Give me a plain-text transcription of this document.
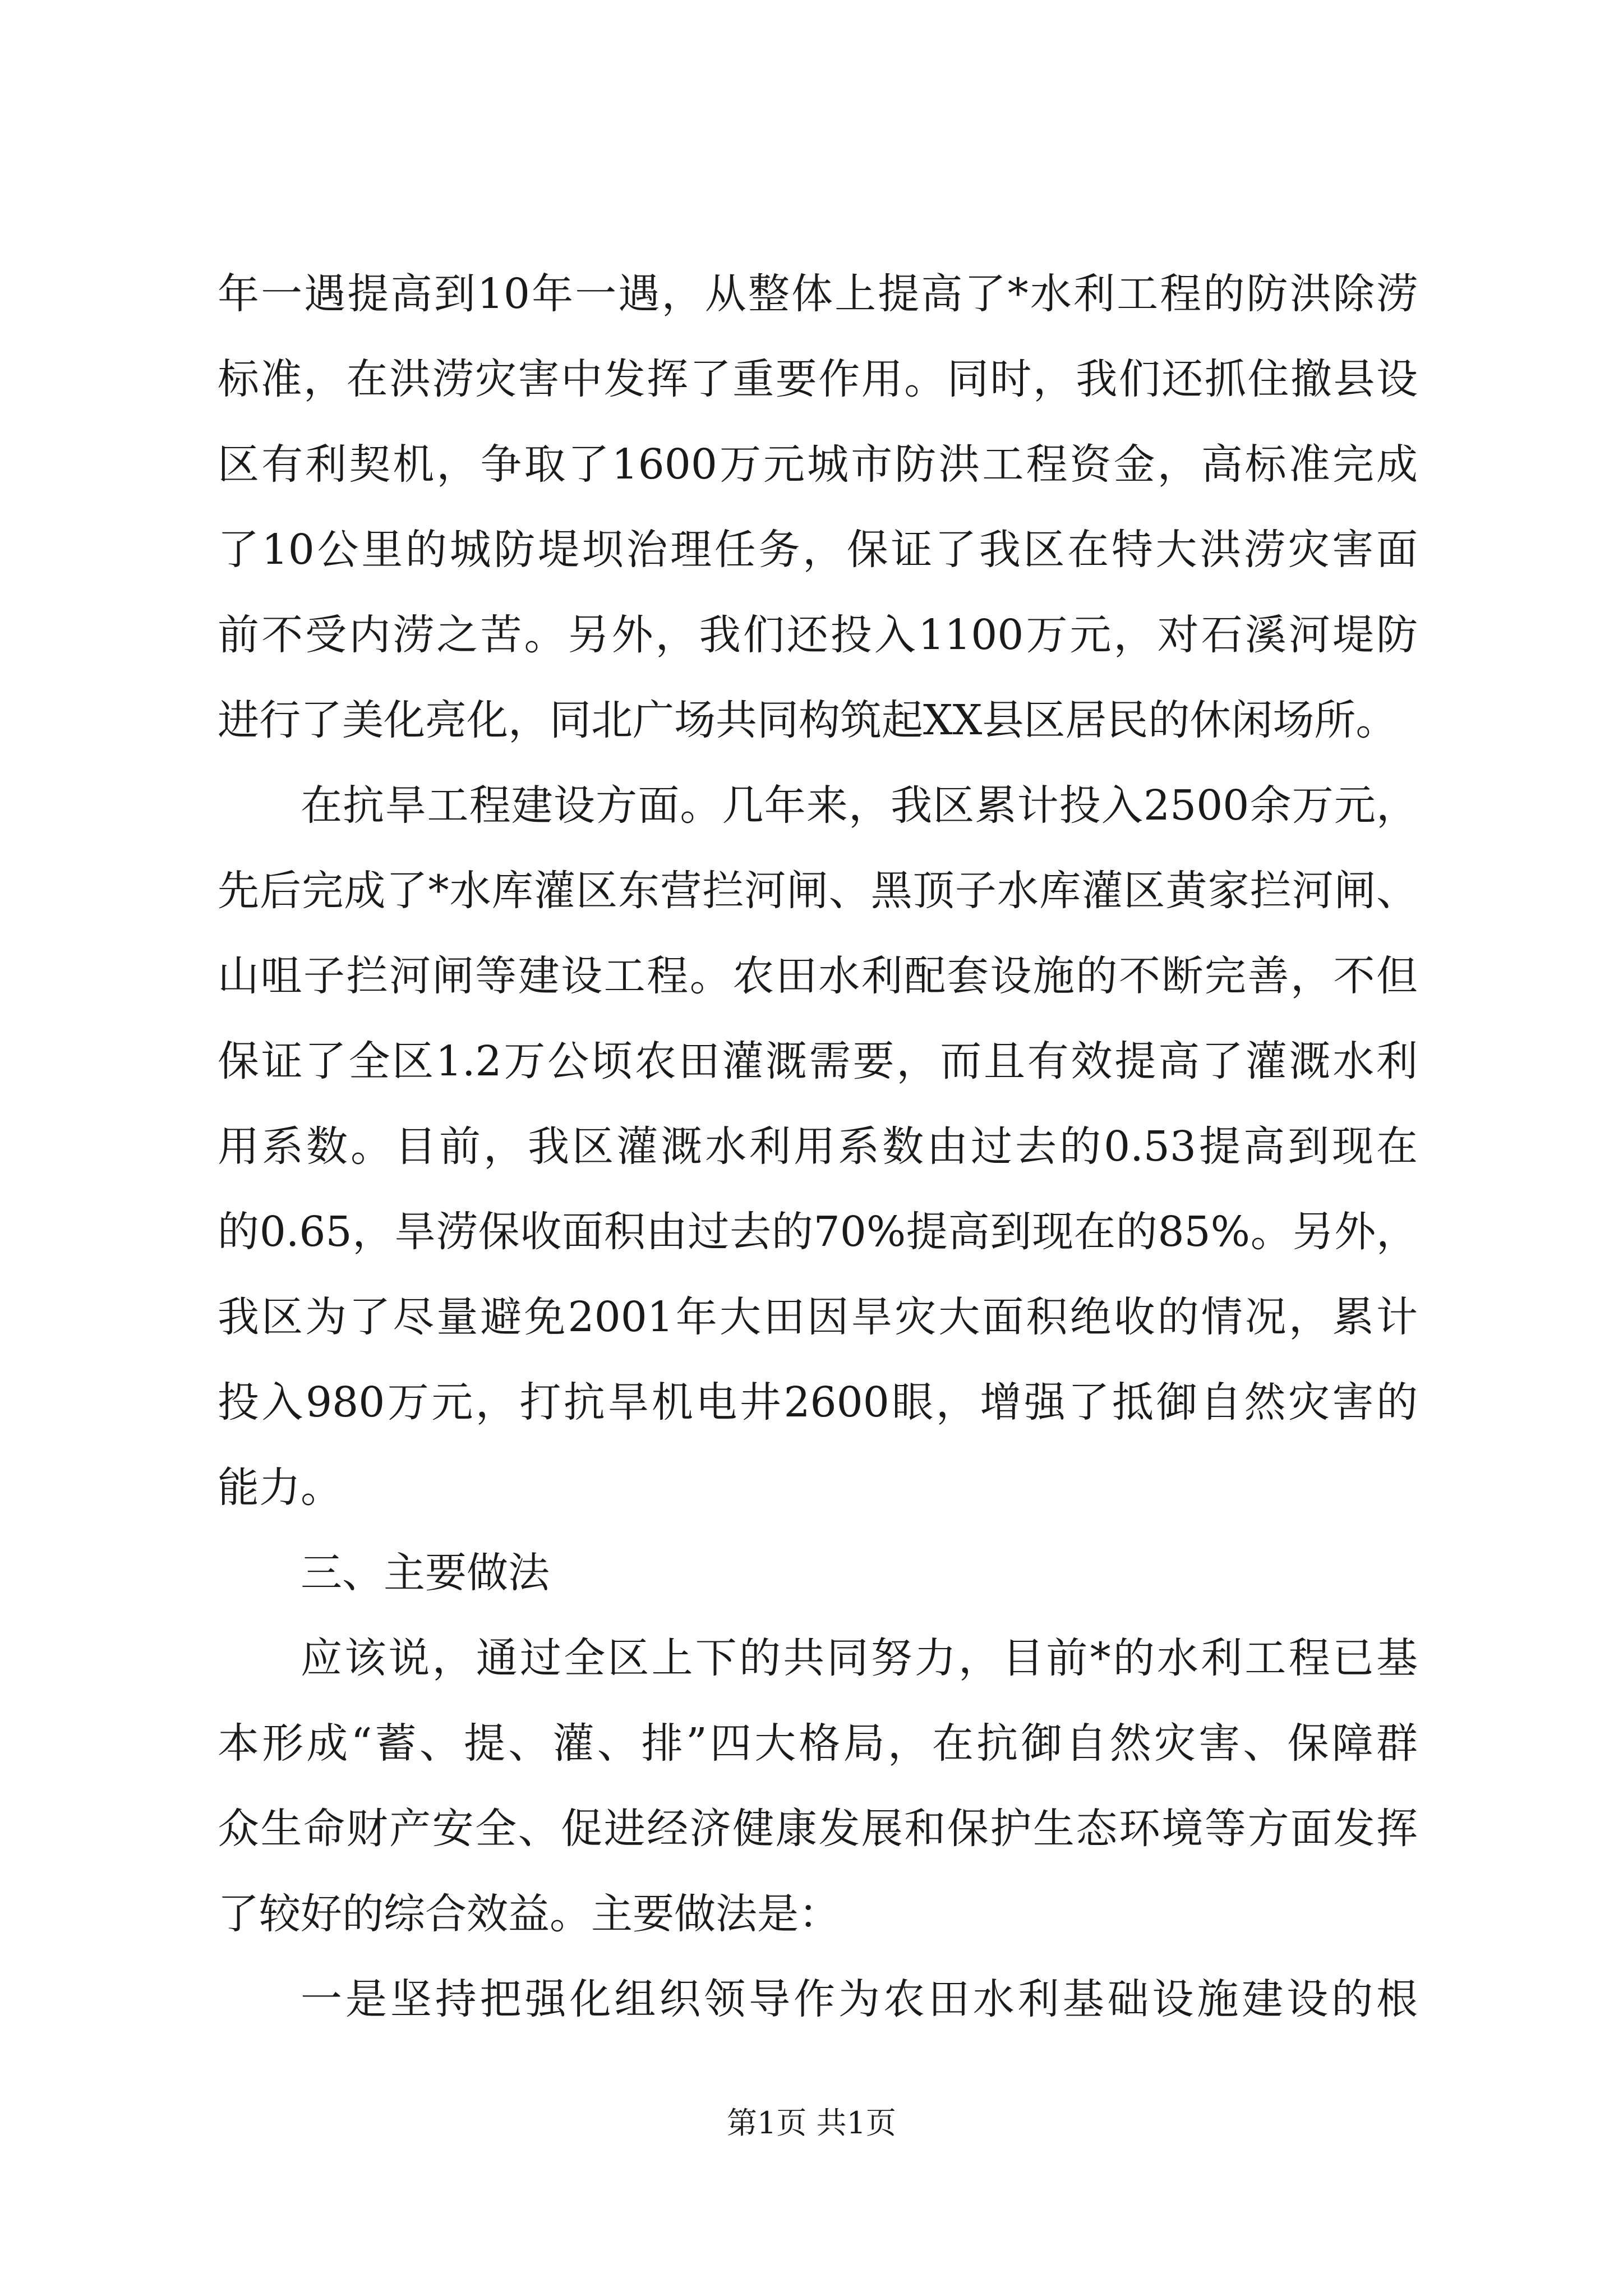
年一遇提高到10年一遇，从整体上提高了*水利工程的防洪除涝
标准，在洪涝灾害中发挥了重要作用。同时，我们还抓住撤县设
区有利契机，争取了1600万元城市防洪工程资金，高标准完成
了10公里的城防堤坝治理任务，保证了我区在特大洪涝灾害面
前不受内涝之苦。另外，我们还投入1100万元，对石溪河堤防
进行了美化亮化，同北广场共同构筑起XX县区居民的休闲场所。
在抗旱工程建设方面。几年来，我区累计投入2500余万元，
先后完成了*水库灌区东营拦河闸、黑顶子水库灌区黄家拦河闸、
山咀子拦河闸等建设工程。农田水利配套设施的不断完善，不但
保证了全区1.2万公顷农田灌溉需要，而且有效提高了灌溉水利
用系数。目前，我区灌溉水利用系数由过去的0.53提高到现在
的0.65，旱涝保收面积由过去的70%提高到现在的85%。另外，
我区为了尽量避免2001年大田因旱灾大面积绝收的情况，累计
投入980万元，打抗旱机电井2600眼，增强了抵御自然灾害的
能力。
三、主要做法
应该说，通过全区上下的共同努力，目前*的水利工程已基
本形成“蓄、提、灌、排”四大格局，在抗御自然灾害、保障群
众生命财产安全、促进经济健康发展和保护生态环境等方面发挥
了较好的综合效益。主要做法是：
一是坚持把强化组织领导作为农田水利基础设施建设的根
第1页 共1页
